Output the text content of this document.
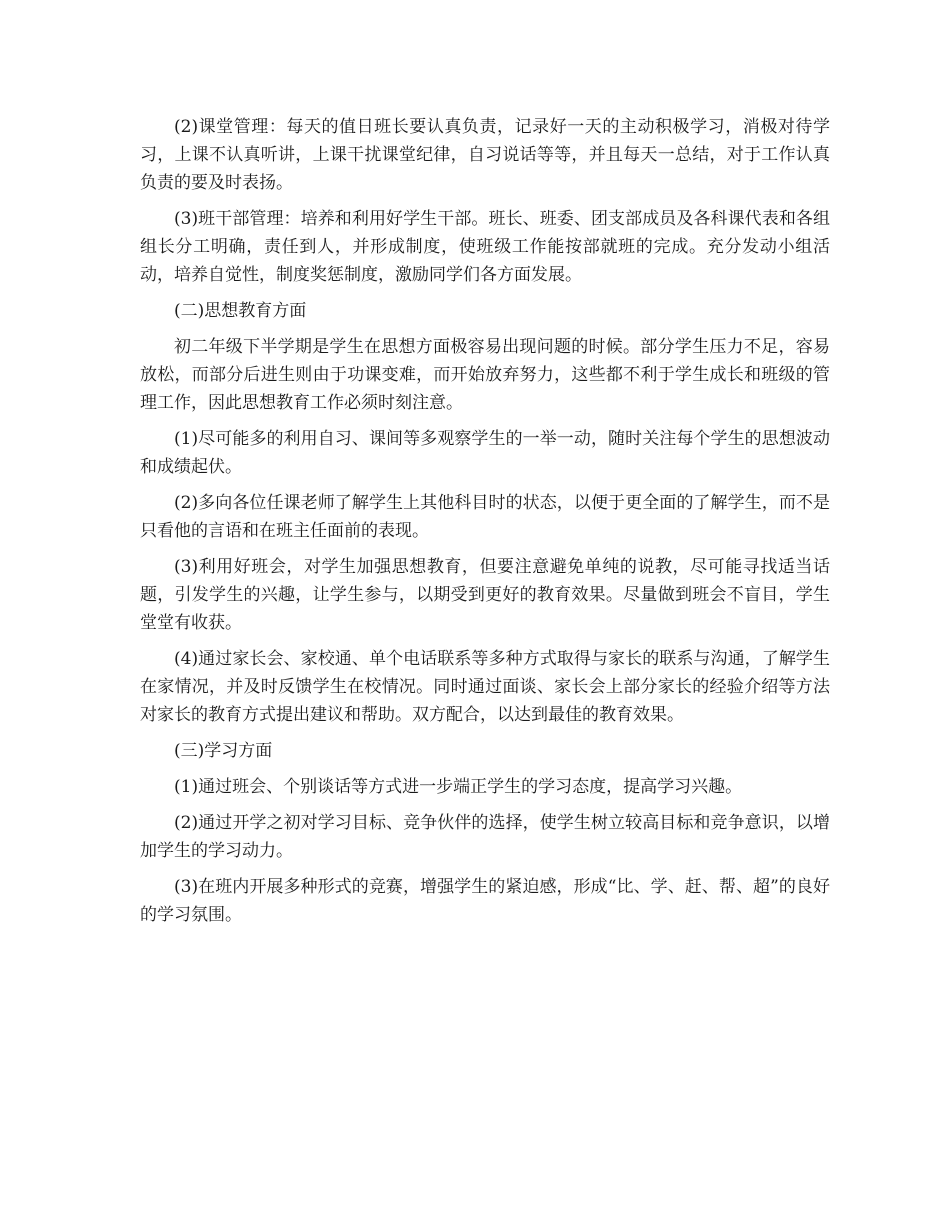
(2)课堂管理：每天的值日班长要认真负责，记录好一天的主动积极学习，消极对待学习，上课不认真听讲，上课干扰课堂纪律，自习说话等等，并且每天一总结，对于工作认真负责的要及时表扬。

(3)班干部管理：培养和利用好学生干部。班长、班委、团支部成员及各科课代表和各组组长分工明确，责任到人，并形成制度，使班级工作能按部就班的完成。充分发动小组活动，培养自觉性，制度奖惩制度，激励同学们各方面发展。

(二)思想教育方面

初二年级下半学期是学生在思想方面极容易出现问题的时候。部分学生压力不足，容易放松，而部分后进生则由于功课变难，而开始放弃努力，这些都不利于学生成长和班级的管理工作，因此思想教育工作必须时刻注意。

(1)尽可能多的利用自习、课间等多观察学生的一举一动，随时关注每个学生的思想波动和成绩起伏。

(2)多向各位任课老师了解学生上其他科目时的状态，以便于更全面的了解学生，而不是只看他的言语和在班主任面前的表现。

(3)利用好班会，对学生加强思想教育，但要注意避免单纯的说教，尽可能寻找适当话题，引发学生的兴趣，让学生参与，以期受到更好的教育效果。尽量做到班会不盲目，学生堂堂有收获。

(4)通过家长会、家校通、单个电话联系等多种方式取得与家长的联系与沟通，了解学生在家情况，并及时反馈学生在校情况。同时通过面谈、家长会上部分家长的经验介绍等方法对家长的教育方式提出建议和帮助。双方配合，以达到最佳的教育效果。

(三)学习方面

(1)通过班会、个别谈话等方式进一步端正学生的学习态度，提高学习兴趣。

(2)通过开学之初对学习目标、竞争伙伴的选择，使学生树立较高目标和竞争意识，以增加学生的学习动力。

(3)在班内开展多种形式的竞赛，增强学生的紧迫感，形成“比、学、赶、帮、超”的良好的学习氛围。
